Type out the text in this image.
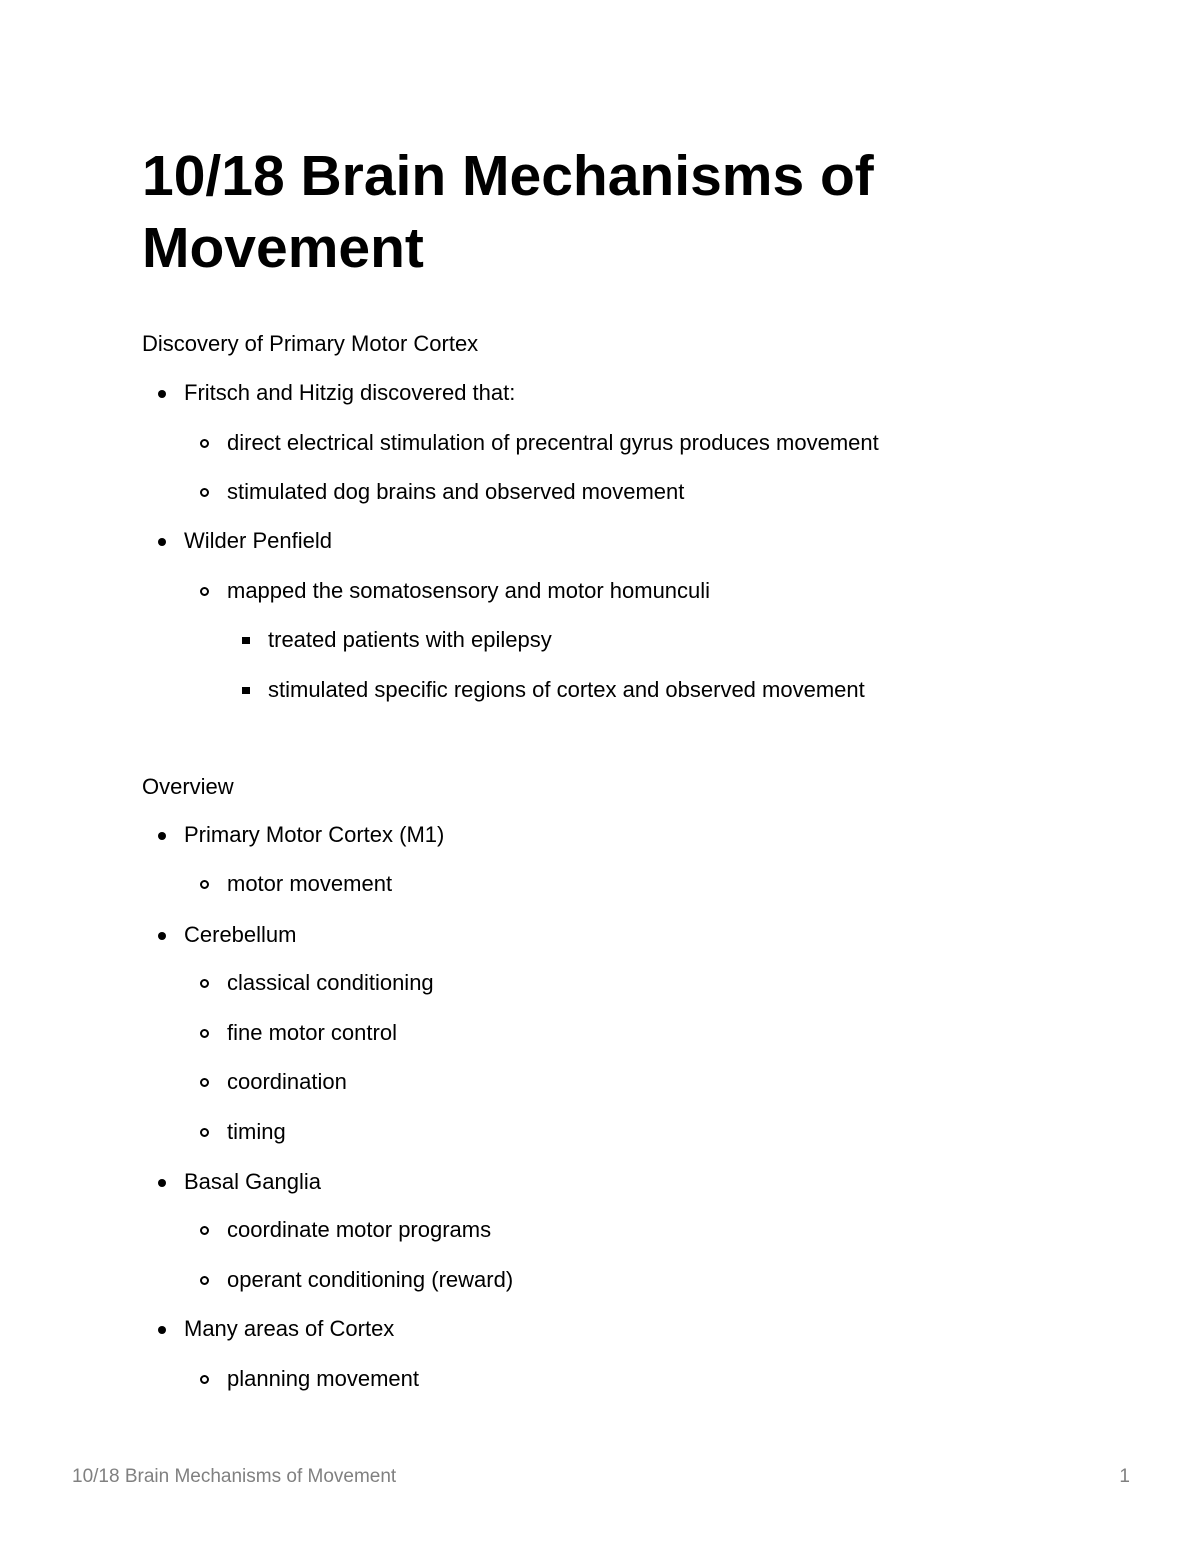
10/18 Brain Mechanisms of Movement
Discovery of Primary Motor Cortex

Fritsch and Hitzig discovered that:

direct electrical stimulation of precentral gyrus produces movement

stimulated dog brains and observed movement

Wilder Penfield

mapped the somatosensory and motor homunculi

treated patients with epilepsy

stimulated specific regions of cortex and observed movement

Overview

Primary Motor Cortex (M1)

motor movement

Cerebellum

classical conditioning

fine motor control

coordination

timing

Basal Ganglia

coordinate motor programs

operant conditioning (reward)

Many areas of Cortex

planning movement

10/18 Brain Mechanisms of Movement	1
